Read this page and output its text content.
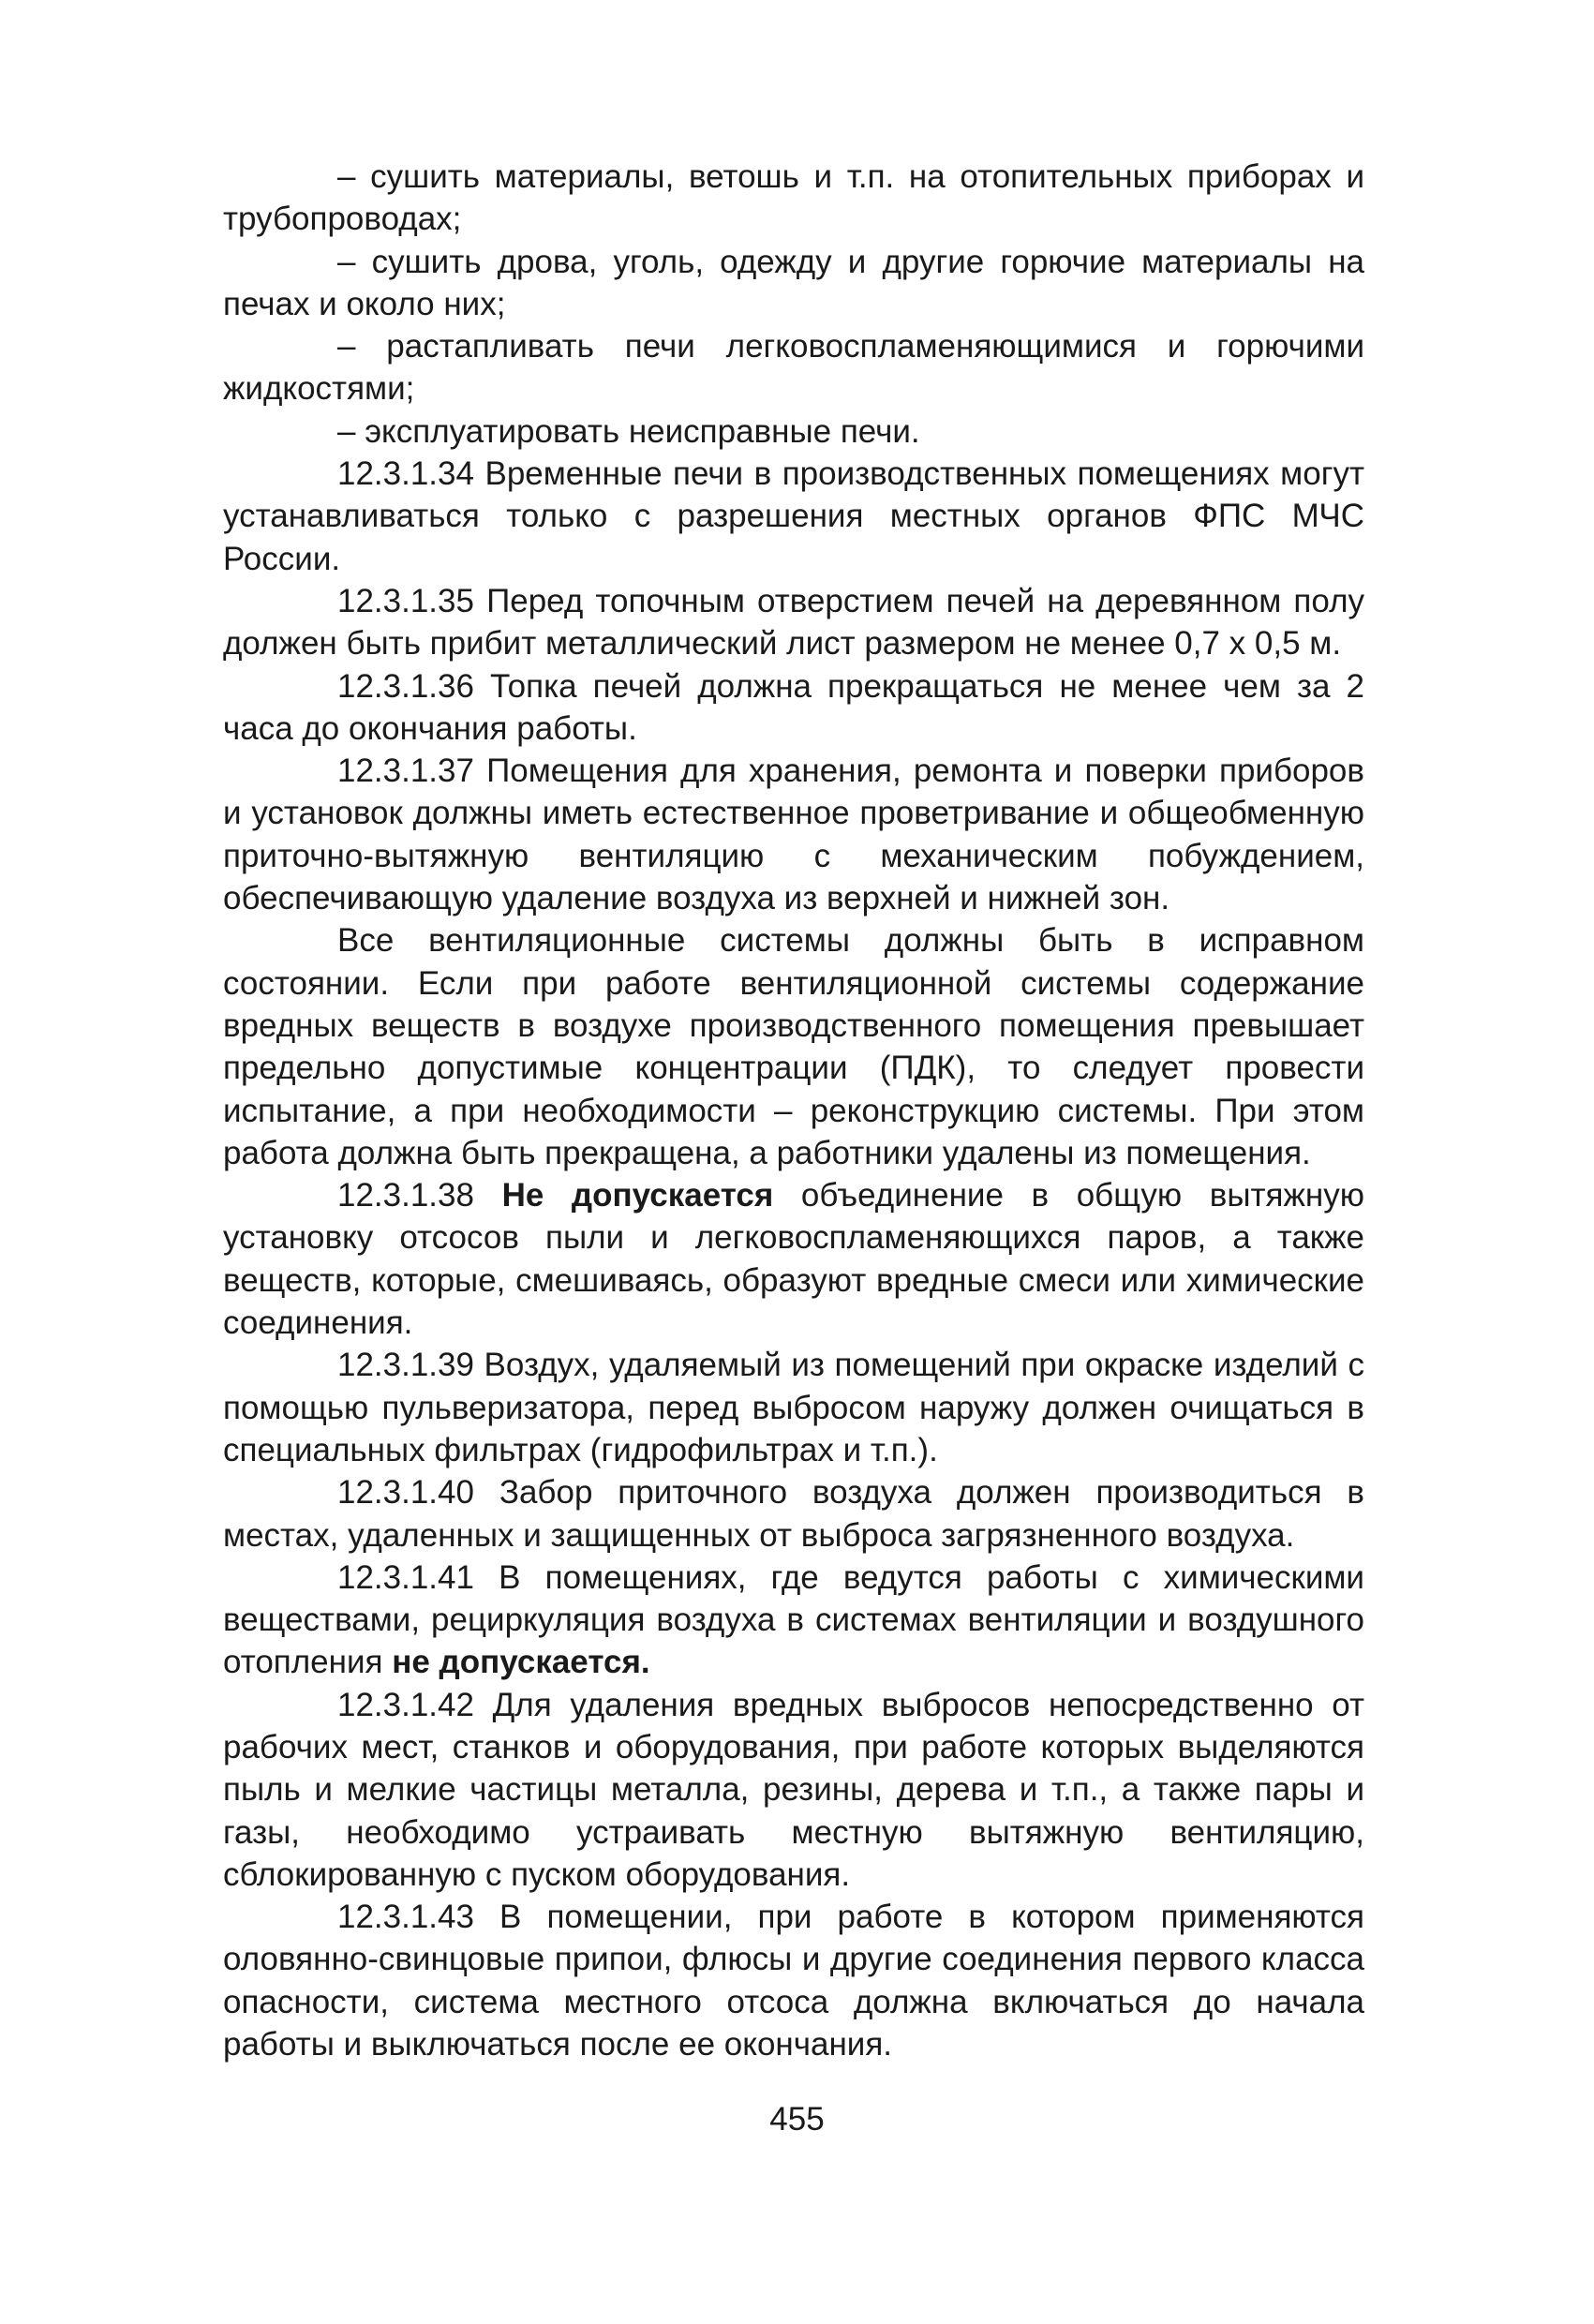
– сушить материалы, ветошь и т.п. на отопительных приборах и трубопроводах;

– сушить дрова, уголь, одежду и другие горючие материалы на печах и около них;

– растапливать печи легковоспламеняющимися и горючими жидкостями;

– эксплуатировать неисправные печи.

12.3.1.34 Временные печи в производственных помещениях могут устанавливаться только с разрешения местных органов ФПС МЧС России.

12.3.1.35 Перед топочным отверстием печей на деревянном полу должен быть прибит металлический лист размером не менее 0,7 х 0,5 м.

12.3.1.36 Топка печей должна прекращаться не менее чем за 2 часа до окончания работы.

12.3.1.37 Помещения для хранения, ремонта и поверки приборов и установок должны иметь естественное проветривание и общеобменную приточно-вытяжную вентиляцию с механическим побуждением, обеспечивающую удаление воздуха из верхней и нижней зон.

Все вентиляционные системы должны быть в исправном состоянии. Если при работе вентиляционной системы содержание вредных веществ в воздухе производственного помещения превышает предельно допустимые концентрации (ПДК), то следует провести испытание, а при необходимости – реконструкцию системы. При этом работа должна быть прекращена, а работники удалены из помещения.

12.3.1.38 Не допускается объединение в общую вытяжную установку отсосов пыли и легковоспламеняющихся паров, а также веществ, которые, смешиваясь, образуют вредные смеси или химические соединения.

12.3.1.39 Воздух, удаляемый из помещений при окраске изделий с помощью пульверизатора, перед выбросом наружу должен очищаться в специальных фильтрах (гидрофильтрах и т.п.).

12.3.1.40 Забор приточного воздуха должен производиться в местах, удаленных и защищенных от выброса загрязненного воздуха.

12.3.1.41 В помещениях, где ведутся работы с химическими веществами, рециркуляция воздуха в системах вентиляции и воздушного отопления не допускается.

12.3.1.42 Для удаления вредных выбросов непосредственно от рабочих мест, станков и оборудования, при работе которых выделяются пыль и мелкие частицы металла, резины, дерева и т.п., а также пары и газы, необходимо устраивать местную вытяжную вентиляцию, сблокированную с пуском оборудования.

12.3.1.43 В помещении, при работе в котором применяются оловянно-свинцовые припои, флюсы и другие соединения первого класса опасности, система местного отсоса должна включаться до начала работы и выключаться после ее окончания.

455
